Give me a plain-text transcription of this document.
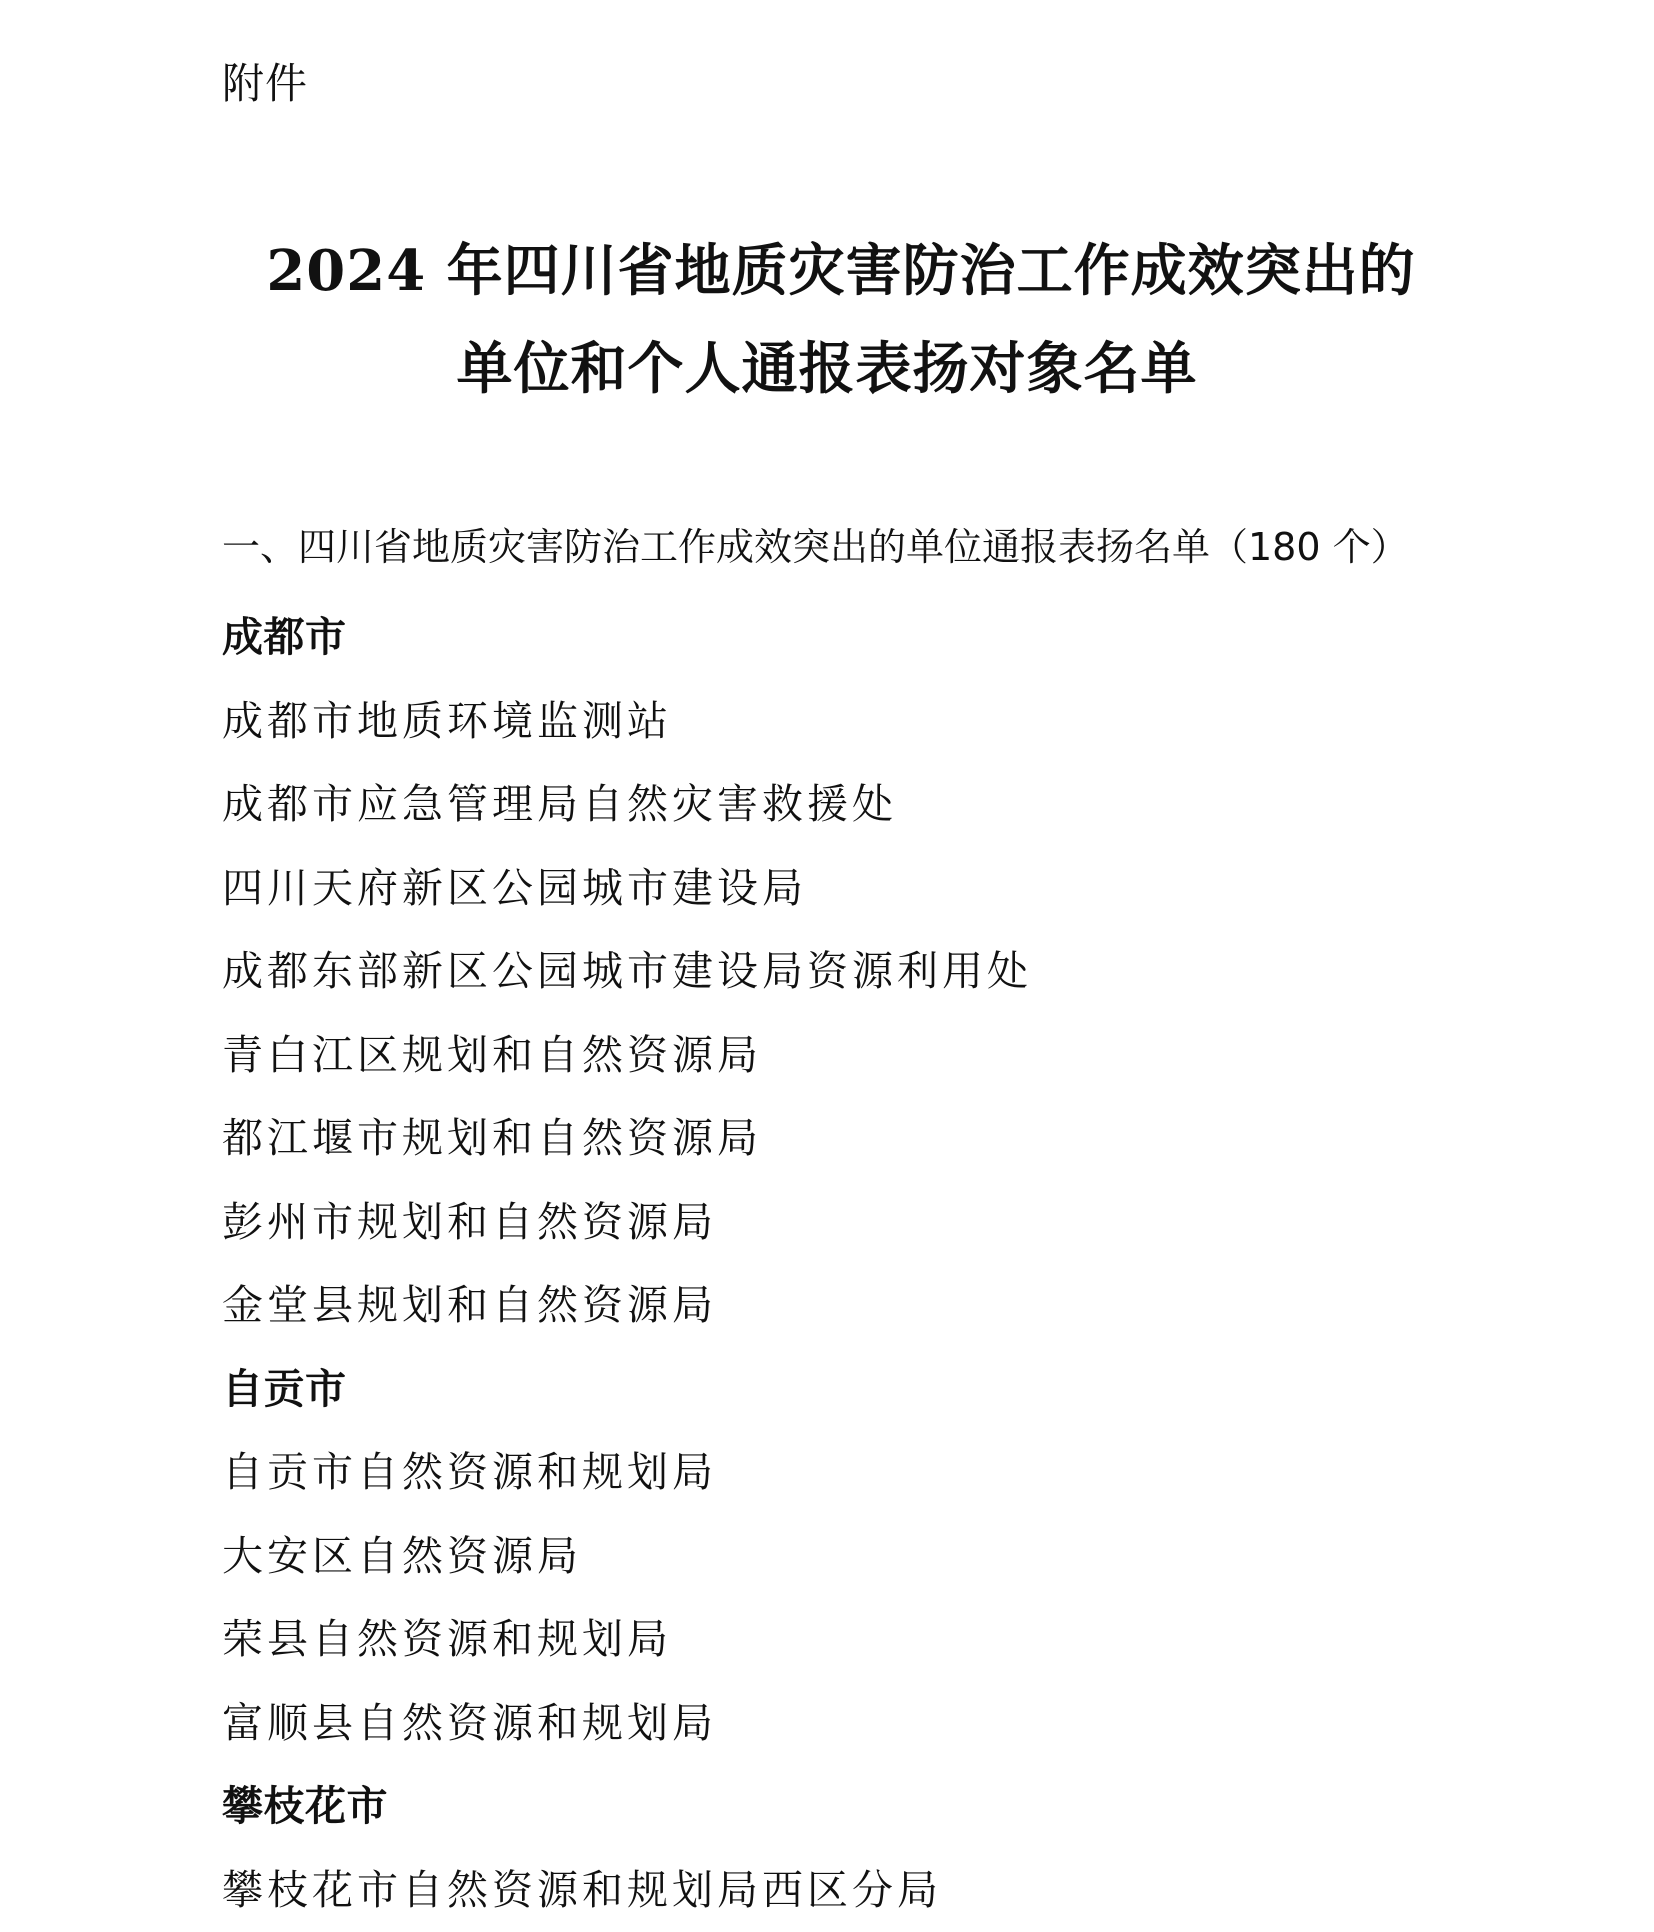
附件
2024 年四川省地质灾害防治工作成效突出的
单位和个人通报表扬对象名单
一、四川省地质灾害防治工作成效突出的单位通报表扬名单（180 个）
成都市
成都市地质环境监测站
成都市应急管理局自然灾害救援处
四川天府新区公园城市建设局
成都东部新区公园城市建设局资源利用处
青白江区规划和自然资源局
都江堰市规划和自然资源局
彭州市规划和自然资源局
金堂县规划和自然资源局
自贡市
自贡市自然资源和规划局
大安区自然资源局
荣县自然资源和规划局
富顺县自然资源和规划局
攀枝花市
攀枝花市自然资源和规划局西区分局
